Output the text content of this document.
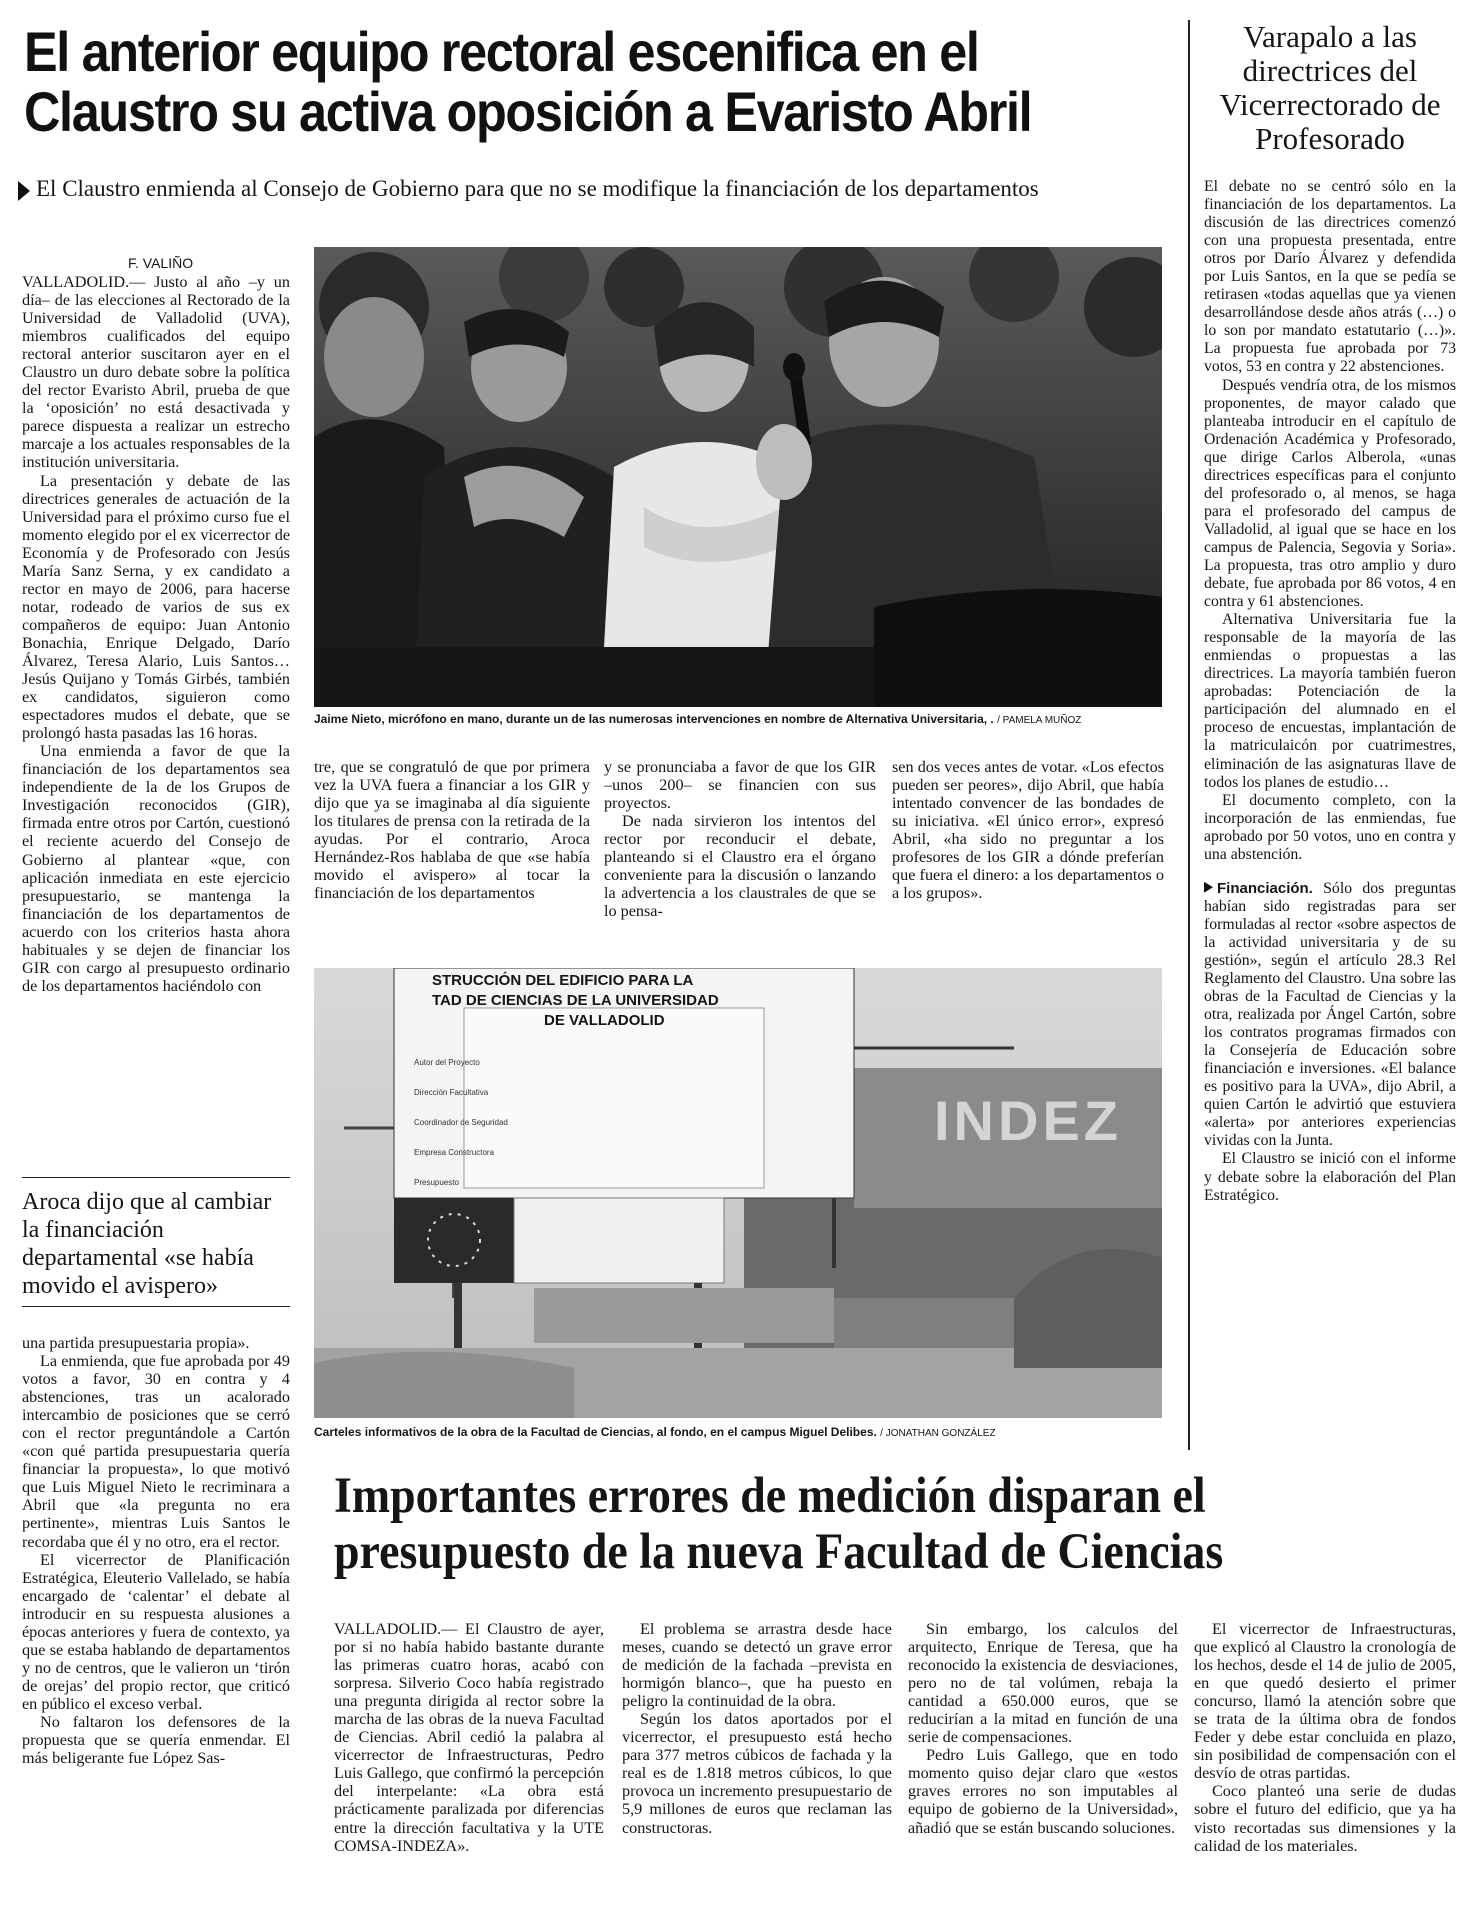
El anterior equipo rectoral escenifica en el
Claustro su activa oposición a Evaristo Abril
El Claustro enmienda al Consejo de Gobierno para que no se modifique la financiación de los departamentos
F. VALIÑO

VALLADOLID.— Justo al año –y un día– de las elecciones al Rectorado de la Universidad de Valladolid (UVA), miembros cualificados del equipo rectoral anterior suscitaron ayer en el Claustro un duro debate sobre la política del rector Evaristo Abril, prueba de que la ‘oposición’ no está desactivada y parece dispuesta a realizar un estrecho marcaje a los actuales responsables de la institución universitaria.

La presentación y debate de las directrices generales de actuación de la Universidad para el próximo curso fue el momento elegido por el ex vicerrector de Economía y de Profesorado con Jesús María Sanz Serna, y ex candidato a rector en mayo de 2006, para hacerse notar, rodeado de varios de sus ex compañeros de equipo: Juan Antonio Bonachia, Enrique Delgado, Darío Álvarez, Teresa Alario, Luis Santos… Jesús Quijano y Tomás Girbés, también ex candidatos, siguieron como espectadores mudos el debate, que se prolongó hasta pasadas las 16 horas.

Una enmienda a favor de que la financiación de los departamentos sea independiente de la de los Grupos de Investigación reconocidos (GIR), firmada entre otros por Cartón, cuestionó el reciente acuerdo del Consejo de Gobierno al plantear «que, con aplicación inmediata en este ejercicio presupuestario, se mantenga la financiación de los departamentos de acuerdo con los criterios hasta ahora habituales y se dejen de financiar los GIR con cargo al presupuesto ordinario de los departamentos haciéndolo con

Aroca dijo que al cambiar la financiación departamental «se había movido el avispero»

una partida presupuestaria propia».

La enmienda, que fue aprobada por 49 votos a favor, 30 en contra y 4 abstenciones, tras un acalorado intercambio de posiciones que se cerró con el rector preguntándole a Cartón «con qué partida presupuestaria quería financiar la propuesta», lo que motivó que Luis Miguel Nieto le recriminara a Abril que «la pregunta no era pertinente», mientras Luis Santos le recordaba que él y no otro, era el rector.

El vicerrector de Planificación Estratégica, Eleuterio Vallelado, se había encargado de ‘calentar’ el debate al introducir en su respuesta alusiones a épocas anteriores y fuera de contexto, ya que se estaba hablando de departamentos y no de centros, que le valieron un ‘tirón de orejas’ del propio rector, que criticó en público el exceso verbal.

No faltaron los defensores de la propuesta que se quería enmendar. El más beligerante fue López Sas-

Jaime Nieto, micrófono en mano, durante un de las numerosas intervenciones en nombre de Alternativa Universitaria, . / PAMELA MUÑOZ

tre, que se congratuló de que por primera vez la UVA fuera a financiar a los GIR y dijo que ya se imaginaba al día siguiente los titulares de prensa con la retirada de la ayudas. Por el contrario, Aroca Hernández-Ros hablaba de que «se había movido el avispero» al tocar la financiación de los departamentos

y se pronunciaba a favor de que los GIR –unos 200– se financien con sus proyectos.

De nada sirvieron los intentos del rector por reconducir el debate, planteando si el Claustro era el órgano conveniente para la discusión o lanzando la advertencia a los claustrales de que se lo pensa-

sen dos veces antes de votar. «Los efectos pueden ser peores», dijo Abril, que había intentado convencer de las bondades de su iniciativa. «El único error», expresó Abril, «ha sido no preguntar a los profesores de los GIR a dónde preferían que fuera el dinero: a los departamentos o a los grupos».

STRUCCIÓN DEL EDIFICIO PARA LA
TAD DE CIENCIAS DE LA UNIVERSIDAD
DE VALLADOLID
Autor del Proyecto
Dirección Facultativa
Coordinador de Seguridad
Empresa Constructora
Presupuesto
INDEZ
Carteles informativos de la obra de la Facultad de Ciencias, al fondo, en el campus Miguel Delibes. / JONATHAN GONZÁLEZ
Varapalo a las directrices del Vicerrectorado de Profesorado

El debate no se centró sólo en la financiación de los departamentos. La discusión de las directrices comenzó con una propuesta presentada, entre otros por Darío Álvarez y defendida por Luis Santos, en la que se pedía se retirasen «todas aquellas que ya vienen desarrollándose desde años atrás (…) o lo son por mandato estatutario (…)». La propuesta fue aprobada por 73 votos, 53 en contra y 22 abstenciones.

Después vendría otra, de los mismos proponentes, de mayor calado que planteaba introducir en el capítulo de Ordenación Académica y Profesorado, que dirige Carlos Alberola, «unas directrices específicas para el conjunto del profesorado o, al menos, se haga para el profesorado del campus de Valladolid, al igual que se hace en los campus de Palencia, Segovia y Soria». La propuesta, tras otro amplio y duro debate, fue aprobada por 86 votos, 4 en contra y 61 abstenciones.

Alternativa Universitaria fue la responsable de la mayoría de las enmiendas o propuestas a las directrices. La mayoría también fueron aprobadas: Potenciación de la participación del alumnado en el proceso de encuestas, implantación de la matriculaicón por cuatrimestres, eliminación de las asignaturas llave de todos los planes de estudio…

El documento completo, con la incorporación de las enmiendas, fue aprobado por 50 votos, uno en contra y una abstención.

Financiación. Sólo dos preguntas habían sido registradas para ser formuladas al rector «sobre aspectos de la actividad universitaria y de su gestión», según el artículo 28.3 Rel Reglamento del Claustro. Una sobre las obras de la Facultad de Ciencias y la otra, realizada por Ángel Cartón, sobre los contratos programas firmados con la Consejería de Educación sobre financiación e inversiones. «El balance es positivo para la UVA», dijo Abril, a quien Cartón le advirtió que estuviera «alerta» por anteriores experiencias vividas con la Junta.

El Claustro se inició con el informe y debate sobre la elaboración del Plan Estratégico.

Importantes errores de medición disparan el
presupuesto de la nueva Facultad de Ciencias

VALLADOLID.— El Claustro de ayer, por si no había habido bastante durante las primeras cuatro horas, acabó con sorpresa. Silverio Coco había registrado una pregunta dirigida al rector sobre la marcha de las obras de la nueva Facultad de Ciencias. Abril cedió la palabra al vicerrector de Infraestructuras, Pedro Luis Gallego, que confirmó la percepción del interpelante: «La obra está prácticamente paralizada por diferencias entre la dirección facultativa y la UTE COMSA-INDEZA».

El problema se arrastra desde hace meses, cuando se detectó un grave error de medición de la fachada –prevista en hormigón blanco–, que ha puesto en peligro la continuidad de la obra.

Según los datos aportados por el vicerrector, el presupuesto está hecho para 377 metros cúbicos de fachada y la real es de 1.818 metros cúbicos, lo que provoca un incremento presupuestario de 5,9 millones de euros que reclaman las constructoras.

Sin embargo, los calculos del arquitecto, Enrique de Teresa, que ha reconocido la existencia de desviaciones, pero no de tal volúmen, rebaja la cantidad a 650.000 euros, que se reducirían a la mitad en función de una serie de compensaciones.

Pedro Luis Gallego, que en todo momento quiso dejar claro que «estos graves errores no son imputables al equipo de gobierno de la Universidad», añadió que se están buscando soluciones.

El vicerrector de Infraestructuras, que explicó al Claustro la cronología de los hechos, desde el 14 de julio de 2005, en que quedó desierto el primer concurso, llamó la atención sobre que se trata de la última obra de fondos Feder y debe estar concluida en plazo, sin posibilidad de compensación con el desvío de otras partidas.

Coco planteó una serie de dudas sobre el futuro del edificio, que ya ha visto recortadas sus dimensiones y la calidad de los materiales.
